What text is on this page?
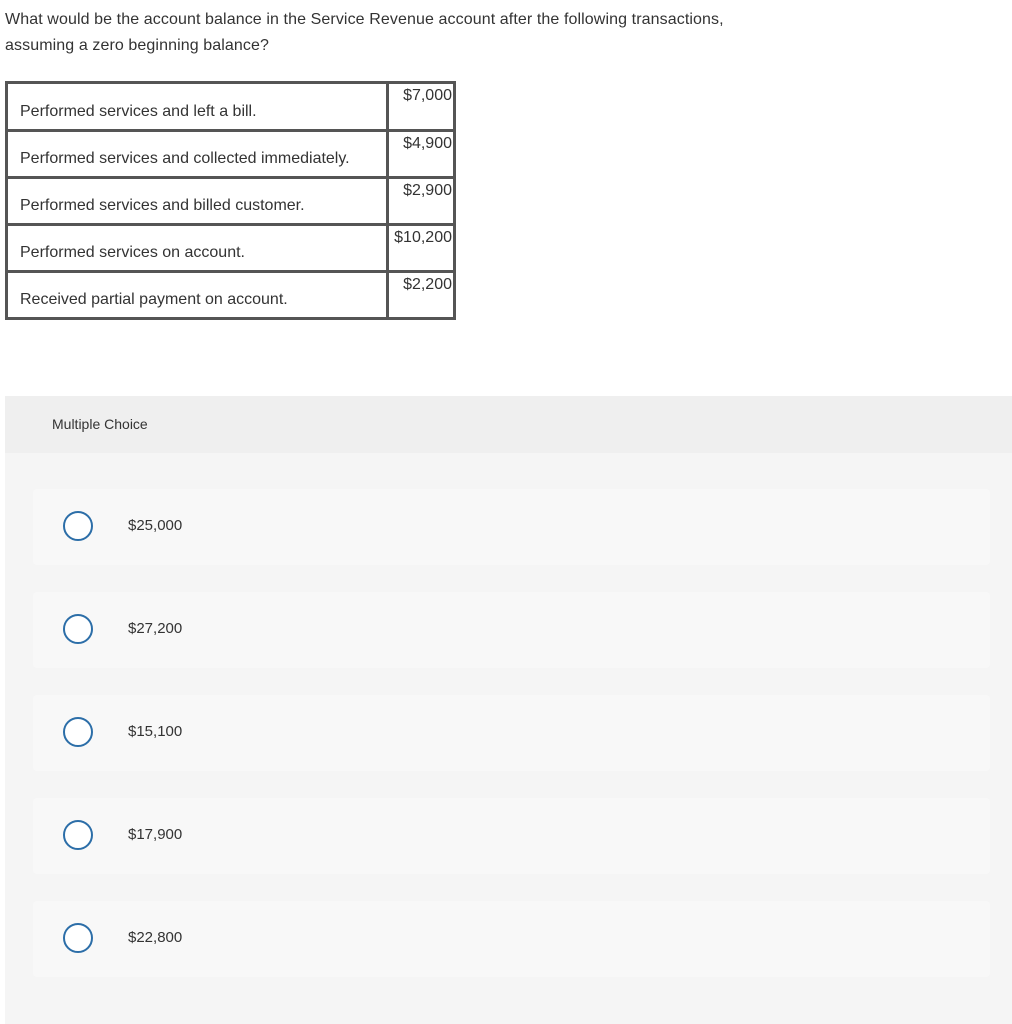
What would be the account balance in the Service Revenue account after the following transactions, assuming a zero beginning balance?
Performed services and left a bill.	$7,000
Performed services and collected immediately.	$4,900
Performed services and billed customer.	$2,900
Performed services on account.	$10,200
Received partial payment on account.	$2,200
Multiple Choice
$25,000
$27,200
$15,100
$17,900
$22,800
